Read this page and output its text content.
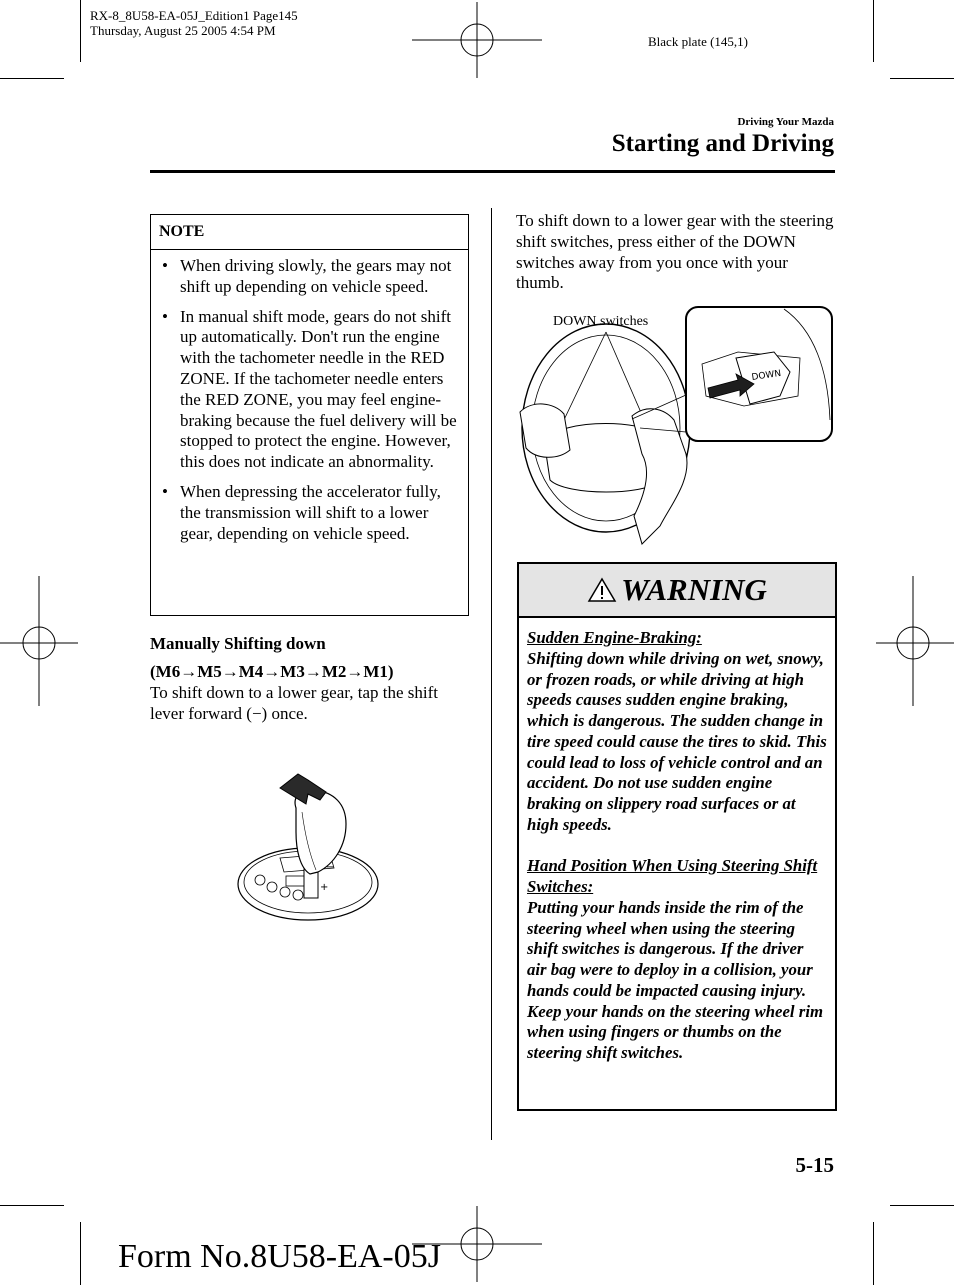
RX-8_8U58-EA-05J_Edition1 Page145
Thursday, August 25 2005 4:54 PM
Black plate (145,1)
Driving Your Mazda
Starting and Driving
NOTE
• When driving slowly, the gears may not shift up depending on vehicle speed.
• In manual shift mode, gears do not shift up automatically. Don't run the engine with the tachometer needle in the RED ZONE. If the tachometer needle enters the RED ZONE, you may feel engine-braking because the fuel delivery will be stopped to protect the engine. However, this does not indicate an abnormality.
• When depressing the accelerator fully, the transmission will shift to a lower gear, depending on vehicle speed.
Manually Shifting down
(M6→M5→M4→M3→M2→M1)
To shift down to a lower gear, tap the shift lever forward (−) once.
+
−
To shift down to a lower gear with the steering shift switches, press either of the DOWN switches away from you once with your thumb.
DOWN switches
DOWN
WARNING
Sudden Engine-Braking:
Shifting down while driving on wet, snowy, or frozen roads, or while driving at high speeds causes sudden engine braking, which is dangerous. The sudden change in tire speed could cause the tires to skid. This could lead to loss of vehicle control and an accident. Do not use sudden engine braking on slippery road surfaces or at high speeds.
Hand Position When Using Steering Shift Switches:
Putting your hands inside the rim of the steering wheel when using the steering shift switches is dangerous. If the driver air bag were to deploy in a collision, your hands could be impacted causing injury. Keep your hands on the steering wheel rim when using fingers or thumbs on the steering shift switches.
5-15
Form No.8U58-EA-05J
